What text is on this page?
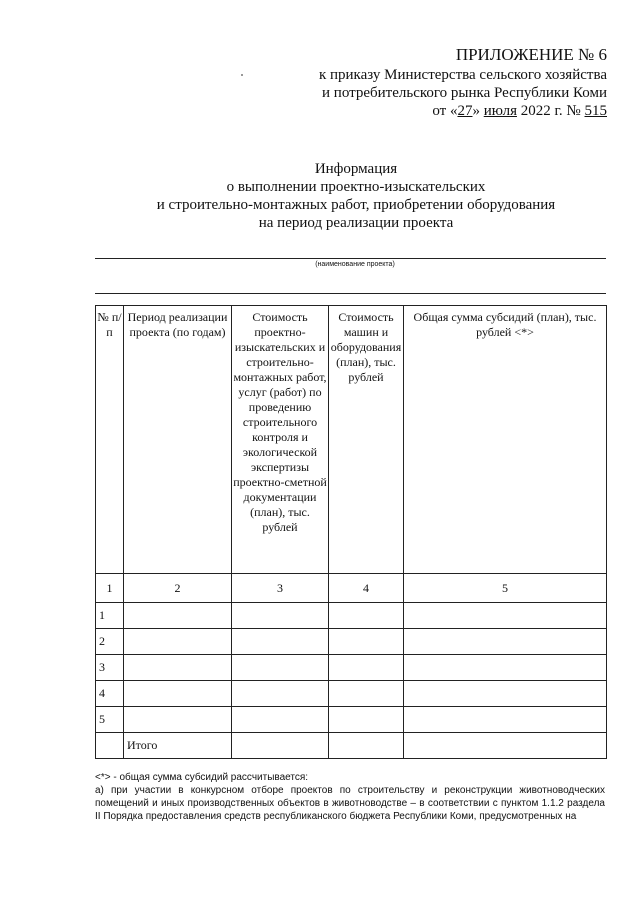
ПРИЛОЖЕНИЕ № 6
к приказу Министерства сельского хозяйства
и потребительского рынка Республики Коми
от «27» июля 2022 г. № 515
Информация
о выполнении проектно-изыскательских
и строительно-монтажных работ, приобретении оборудования
на период реализации проекта
(наименование проекта)
№ п/п	Период реализации проекта (по годам)	Стоимость проектно-изыскательских и строительно-монтажных работ, услуг (работ) по проведению строительного контроля и экологической экспертизы проектно-сметной документации (план), тыс. рублей	Стоимость машин и оборудования (план), тыс. рублей	Общая сумма субсидий (план), тыс. рублей <*>
1	2	3	4	5
1				
2				
3				
4				
5				
	Итого			

<*> - общая сумма субсидий рассчитывается:

а) при участии в конкурсном отборе проектов по строительству и реконструкции животноводческих помещений и иных производственных объектов в животноводстве – в соответствии с пунктом 1.1.2 раздела II Порядка предоставления средств республиканского бюджета Республики Коми, предусмотренных на
